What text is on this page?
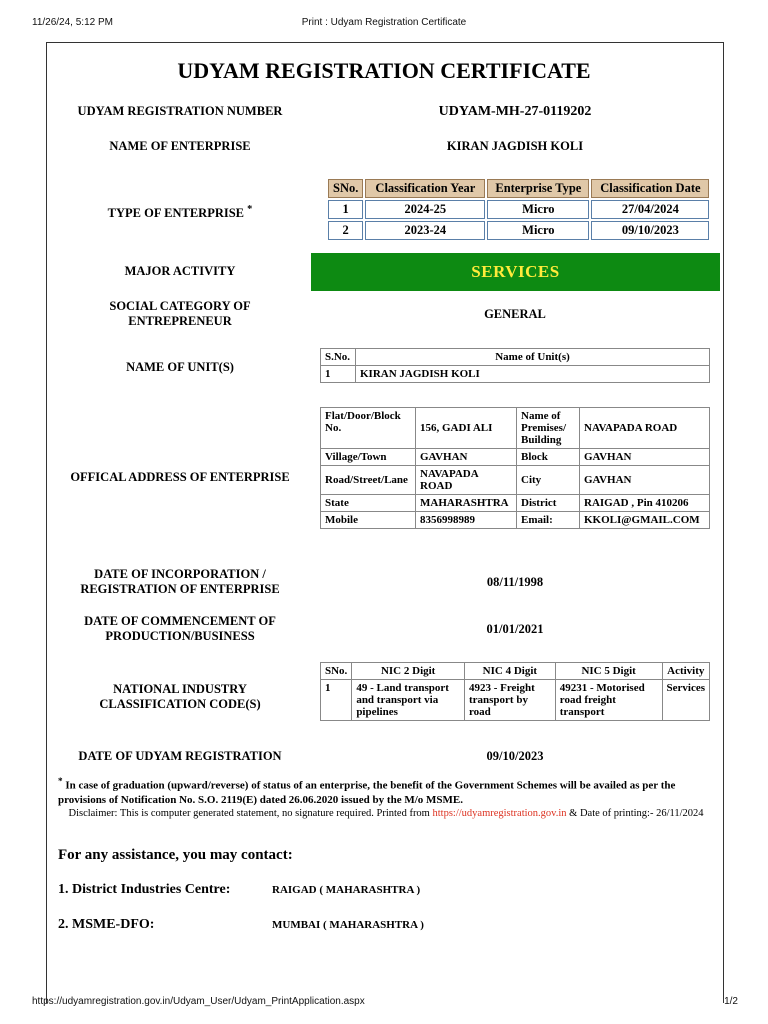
11/26/24, 5:12 PM	Print : Udyam Registration Certificate
UDYAM REGISTRATION CERTIFICATE
UDYAM REGISTRATION NUMBER	UDYAM-MH-27-0119202
NAME OF ENTERPRISE	KIRAN JAGDISH KOLI
TYPE OF ENTERPRISE *
SNo.	Classification Year	Enterprise Type	Classification Date
1	2024-25	Micro	27/04/2024
2	2023-24	Micro	09/10/2023
MAJOR ACTIVITY	SERVICES
SOCIAL CATEGORY OF
ENTREPRENEUR	GENERAL
NAME OF UNIT(S)
S.No.	Name of Unit(s)
1	KIRAN JAGDISH KOLI
OFFICAL ADDRESS OF ENTERPRISE
Flat/Door/Block No.	156, GADI ALI	Name of Premises/ Building	NAVAPADA ROAD
Village/Town	GAVHAN	Block	GAVHAN
Road/Street/Lane	NAVAPADA ROAD	City	GAVHAN
State	MAHARASHTRA	District	RAIGAD , Pin 410206
Mobile	8356998989	Email:	KKOLI@GMAIL.COM
DATE OF INCORPORATION /
REGISTRATION OF ENTERPRISE	08/11/1998
DATE OF COMMENCEMENT OF
PRODUCTION/BUSINESS	01/01/2021
NATIONAL INDUSTRY
CLASSIFICATION CODE(S)
SNo.	NIC 2 Digit	NIC 4 Digit	NIC 5 Digit	Activity
1	49 - Land transport and transport via pipelines	4923 - Freight transport by road	49231 - Motorised road freight transport	Services
DATE OF UDYAM REGISTRATION	09/10/2023
* In case of graduation (upward/reverse) of status of an enterprise, the benefit of the Government Schemes will be availed as per the provisions of Notification No. S.O. 2119(E) dated 26.06.2020 issued by the M/o MSME.
Disclaimer: This is computer generated statement, no signature required. Printed from https://udyamregistration.gov.in & Date of printing:- 26/11/2024
For any assistance, you may contact:
1. District Industries Centre:	RAIGAD ( MAHARASHTRA )
2. MSME-DFO:	MUMBAI ( MAHARASHTRA )
https://udyamregistration.gov.in/Udyam_User/Udyam_PrintApplication.aspx	1/2
